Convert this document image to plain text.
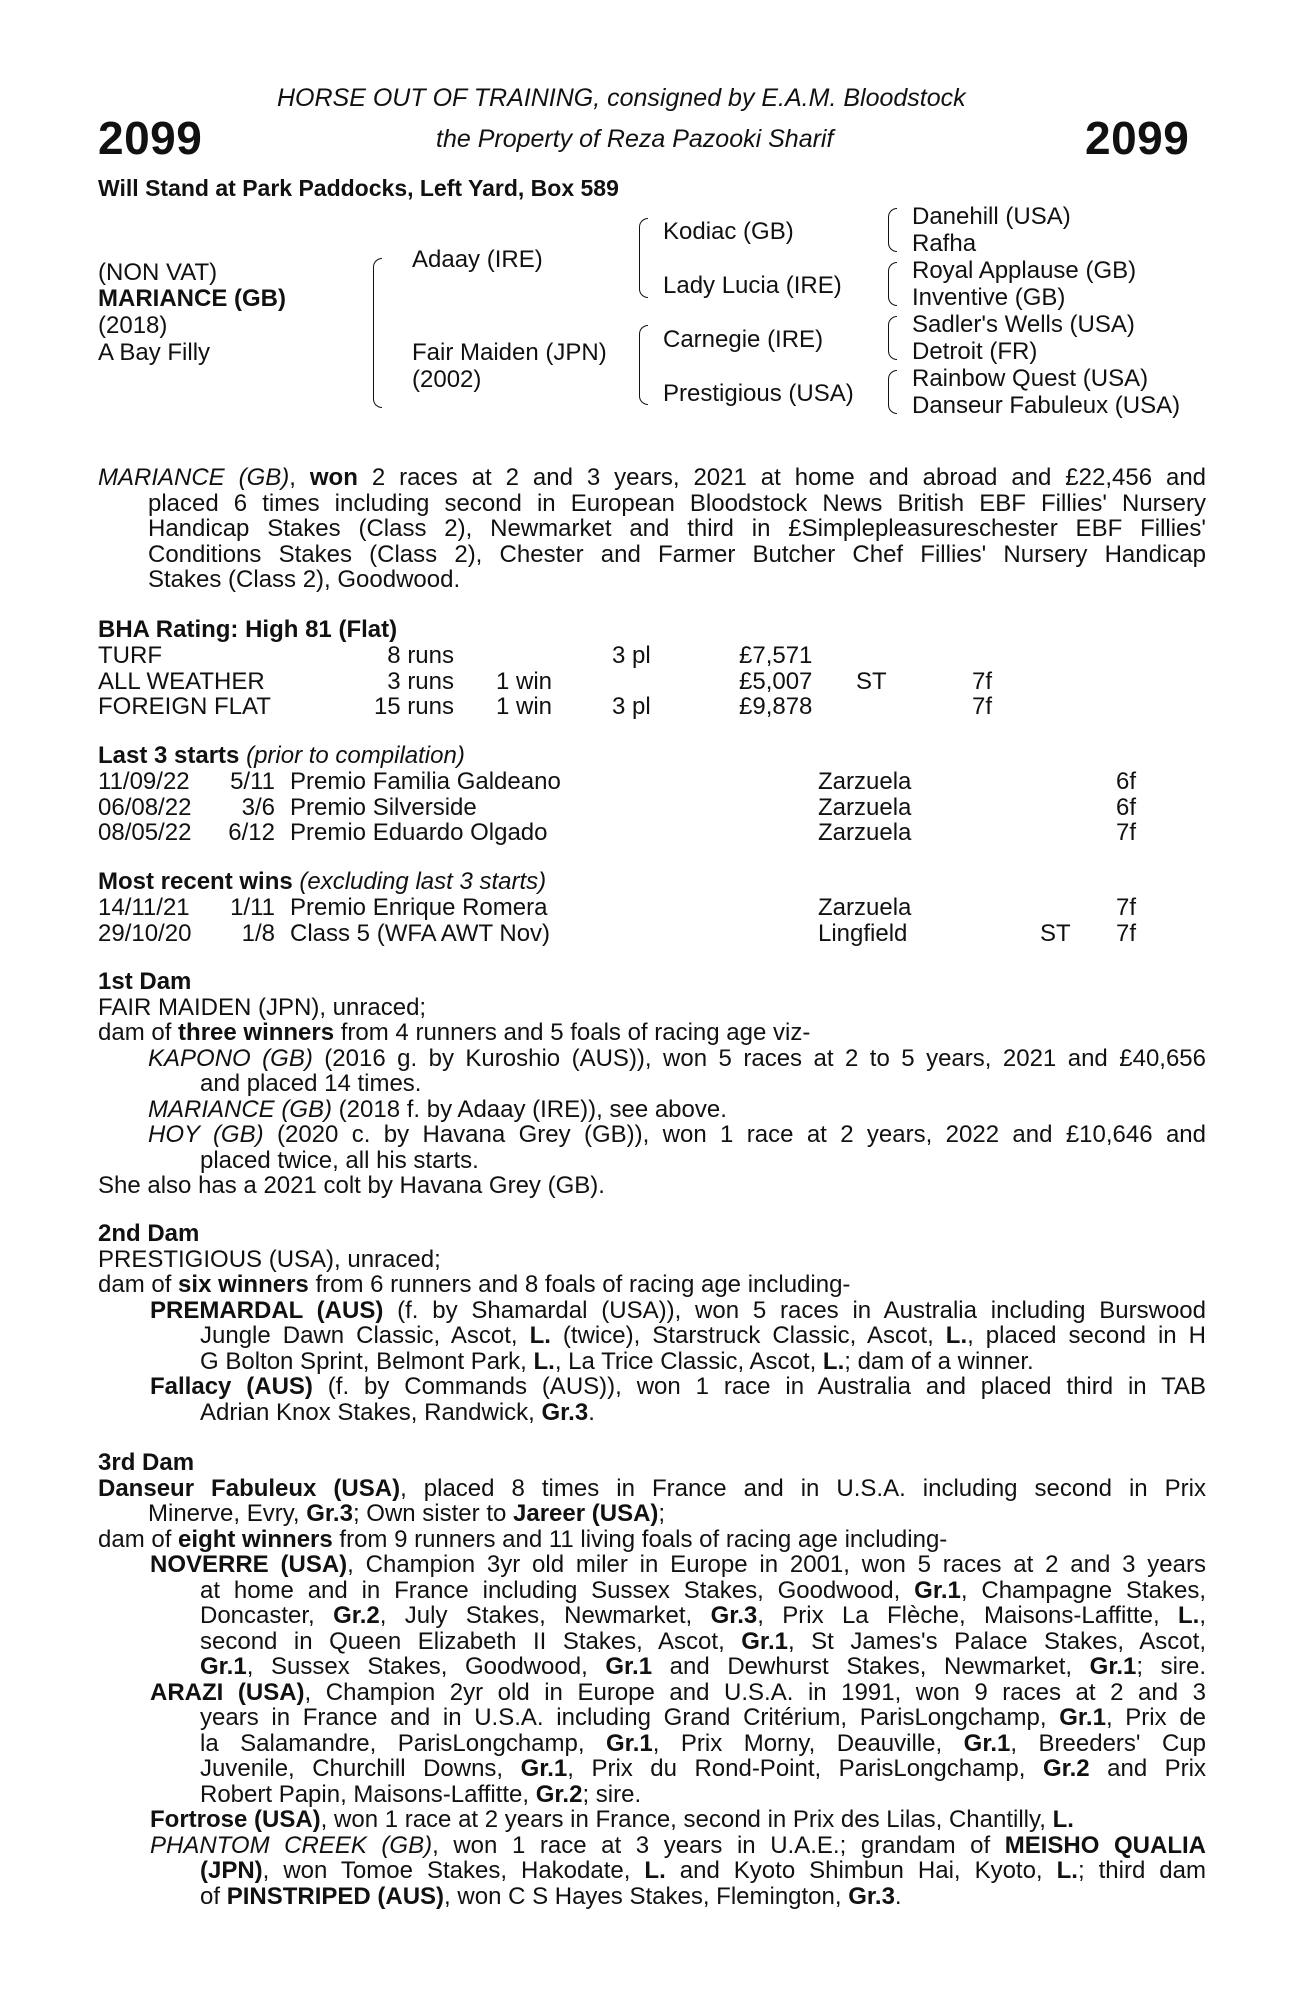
HORSE OUT OF TRAINING, consigned by E.A.M. Bloodstock
2099	the Property of Reza Pazooki Sharif	2099
Will Stand at Park Paddocks, Left Yard, Box 589
(NON VAT)
MARIANCE (GB)
(2018)
A Bay Filly
Adaay (IRE)
Fair Maiden (JPN)
(2002)
Kodiac (GB)
Lady Lucia (IRE)
Carnegie (IRE)
Prestigious (USA)
Danehill (USA)
Rafha
Royal Applause (GB)
Inventive (GB)
Sadler's Wells (USA)
Detroit (FR)
Rainbow Quest (USA)
Danseur Fabuleux (USA)
MARIANCE (GB), won 2 races at 2 and 3 years, 2021 at home and abroad and £22,456 and
placed 6 times including second in European Bloodstock News British EBF Fillies' Nursery
Handicap Stakes (Class 2), Newmarket and third in £Simplepleasureschester EBF Fillies'
Conditions Stakes (Class 2), Chester and Farmer Butcher Chef Fillies' Nursery Handicap
Stakes (Class 2), Goodwood.
BHA Rating: High 81 (Flat)
TURF	8 runs	3 pl	£7,571
ALL WEATHER	3 runs 1 win	£5,007 ST	7f
FOREIGN FLAT	15 runs 1 win 3 pl	£9,878	7f
Last 3 starts (prior to compilation)
11/09/22 5/11 Premio Familia Galdeano	Zarzuela	6f
06/08/22 3/6 Premio Silverside	Zarzuela	6f
08/05/22 6/12 Premio Eduardo Olgado	Zarzuela	7f
Most recent wins (excluding last 3 starts)
14/11/21 1/11 Premio Enrique Romera	Zarzuela	7f
29/10/20 1/8 Class 5 (WFA AWT Nov)	Lingfield	ST 7f
1st Dam
FAIR MAIDEN (JPN), unraced;
dam of three winners from 4 runners and 5 foals of racing age viz-
KAPONO (GB) (2016 g. by Kuroshio (AUS)), won 5 races at 2 to 5 years, 2021 and £40,656
and placed 14 times.
MARIANCE (GB) (2018 f. by Adaay (IRE)), see above.
HOY (GB) (2020 c. by Havana Grey (GB)), won 1 race at 2 years, 2022 and £10,646 and
placed twice, all his starts.
She also has a 2021 colt by Havana Grey (GB).
2nd Dam
PRESTIGIOUS (USA), unraced;
dam of six winners from 6 runners and 8 foals of racing age including-
PREMARDAL (AUS) (f. by Shamardal (USA)), won 5 races in Australia including Burswood
Jungle Dawn Classic, Ascot, L. (twice), Starstruck Classic, Ascot, L., placed second in H
G Bolton Sprint, Belmont Park, L., La Trice Classic, Ascot, L.; dam of a winner.
Fallacy (AUS) (f. by Commands (AUS)), won 1 race in Australia and placed third in TAB
Adrian Knox Stakes, Randwick, Gr.3.
3rd Dam
Danseur Fabuleux (USA), placed 8 times in France and in U.S.A. including second in Prix
Minerve, Evry, Gr.3; Own sister to Jareer (USA);
dam of eight winners from 9 runners and 11 living foals of racing age including-
NOVERRE (USA), Champion 3yr old miler in Europe in 2001, won 5 races at 2 and 3 years
at home and in France including Sussex Stakes, Goodwood, Gr.1, Champagne Stakes,
Doncaster, Gr.2, July Stakes, Newmarket, Gr.3, Prix La Flèche, Maisons-Laffitte, L.,
second in Queen Elizabeth II Stakes, Ascot, Gr.1, St James's Palace Stakes, Ascot,
Gr.1, Sussex Stakes, Goodwood, Gr.1 and Dewhurst Stakes, Newmarket, Gr.1; sire.
ARAZI (USA), Champion 2yr old in Europe and U.S.A. in 1991, won 9 races at 2 and 3
years in France and in U.S.A. including Grand Critérium, ParisLongchamp, Gr.1, Prix de
la Salamandre, ParisLongchamp, Gr.1, Prix Morny, Deauville, Gr.1, Breeders' Cup
Juvenile, Churchill Downs, Gr.1, Prix du Rond-Point, ParisLongchamp, Gr.2 and Prix
Robert Papin, Maisons-Laffitte, Gr.2; sire.
Fortrose (USA), won 1 race at 2 years in France, second in Prix des Lilas, Chantilly, L.
PHANTOM CREEK (GB), won 1 race at 3 years in U.A.E.; grandam of MEISHO QUALIA
(JPN), won Tomoe Stakes, Hakodate, L. and Kyoto Shimbun Hai, Kyoto, L.; third dam
of PINSTRIPED (AUS), won C S Hayes Stakes, Flemington, Gr.3.
